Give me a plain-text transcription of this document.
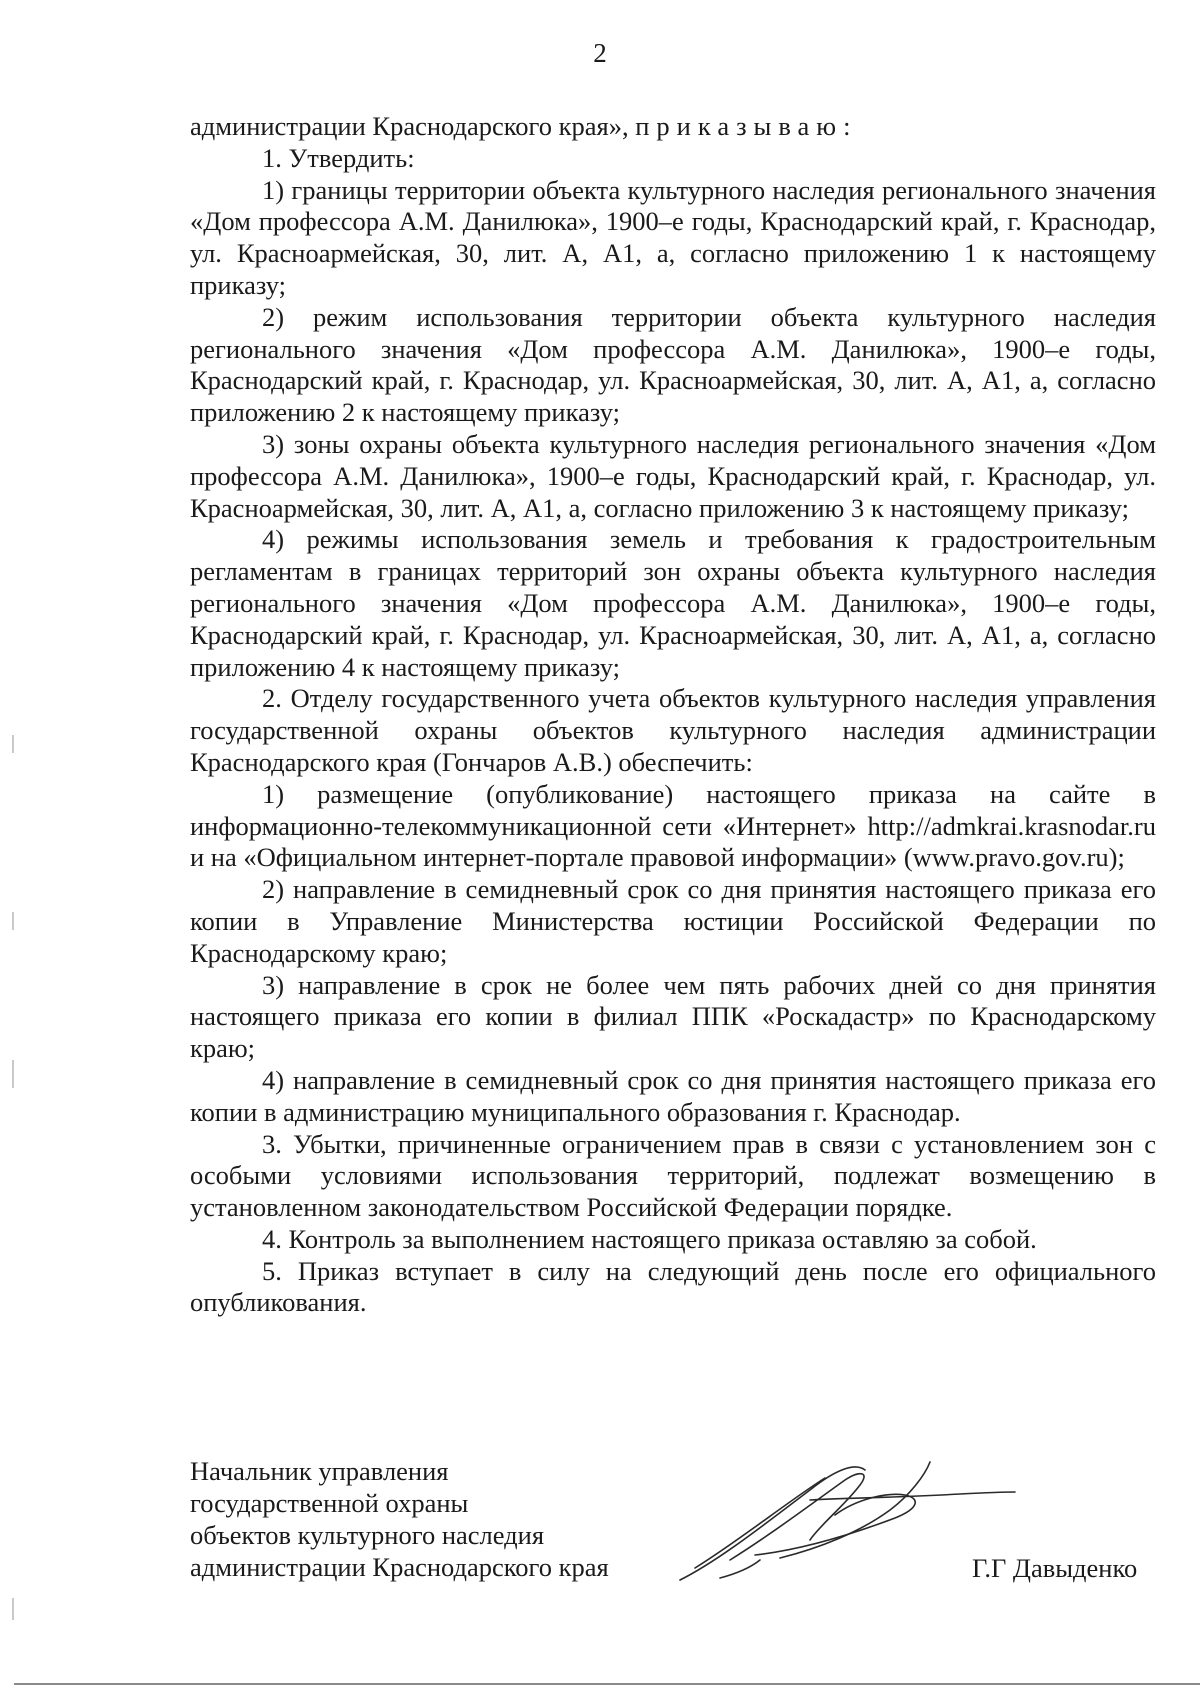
2

администрации Краснодарского края», приказываю:

1. Утвердить:

1) границы территории объекта культурного наследия регионального значения «Дом профессора А.М. Данилюка», 1900–е годы, Краснодарский край, г. Краснодар, ул. Красноармейская, 30, лит. А, А1, а, согласно приложению 1 к настоящему приказу;

2) режим использования территории объекта культурного наследия регионального значения «Дом профессора А.М. Данилюка», 1900–е годы, Краснодарский край, г. Краснодар, ул. Красноармейская, 30, лит. А, А1, а, согласно приложению 2 к настоящему приказу;

3) зоны охраны объекта культурного наследия регионального значения «Дом профессора А.М. Данилюка», 1900–е годы, Краснодарский край, г. Краснодар, ул. Красноармейская, 30, лит. А, А1, а, согласно приложению 3 к настоящему приказу;

4) режимы использования земель и требования к градостроительным регламентам в границах территорий зон охраны объекта культурного наследия регионального значения «Дом профессора А.М. Данилюка», 1900–е годы, Краснодарский край, г. Краснодар, ул. Красноармейская, 30, лит. А, А1, а, согласно приложению 4 к настоящему приказу;

2. Отделу государственного учета объектов культурного наследия управления государственной охраны объектов культурного наследия администрации Краснодарского края (Гончаров А.В.) обеспечить:

1) размещение (опубликование) настоящего приказа на сайте в информационно-телекоммуникационной сети «Интернет» http://admkrai.krasnodar.ru и на «Официальном интернет-портале правовой информации» (www.pravo.gov.ru);

2) направление в семидневный срок со дня принятия настоящего приказа его копии в Управление Министерства юстиции Российской Федерации по Краснодарскому краю;

3) направление в срок не более чем пять рабочих дней со дня принятия настоящего приказа его копии в филиал ППК «Роскадастр» по Краснодарскому краю;

4) направление в семидневный срок со дня принятия настоящего приказа его копии в администрацию муниципального образования г. Краснодар.

3. Убытки, причиненные ограничением прав в связи с установлением зон с особыми условиями использования территорий, подлежат возмещению в установленном законодательством Российской Федерации порядке.

4. Контроль за выполнением настоящего приказа оставляю за собой.

5. Приказ вступает в силу на следующий день после его официального опубликования.

Начальник управления
государственной охраны
объектов культурного наследия
администрации Краснодарского края	Г.Г Давыденко
